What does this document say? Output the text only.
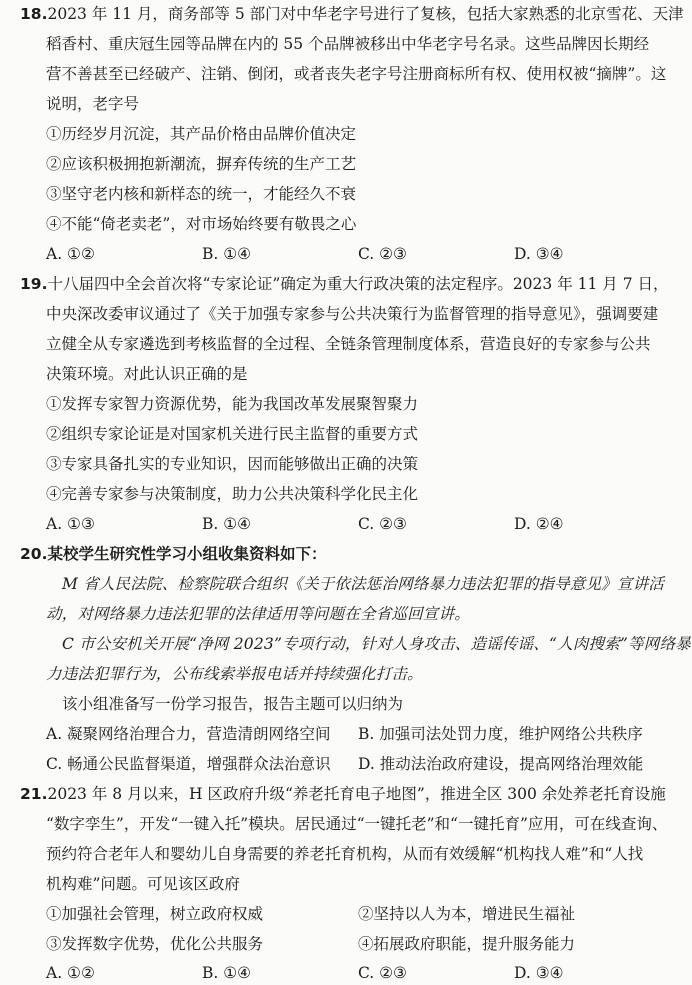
18.2023 年 11 月，商务部等 5 部门对中华老字号进行了复核，包括大家熟悉的北京雪花、天津
稻香村、重庆冠生园等品牌在内的 55 个品牌被移出中华老字号名录。这些品牌因长期经
营不善甚至已经破产、注销、倒闭，或者丧失老字号注册商标所有权、使用权被“摘牌”。这
说明，老字号
①历经岁月沉淀，其产品价格由品牌价值决定
②应该积极拥抱新潮流，摒弃传统的生产工艺
③坚守老内核和新样态的统一，才能经久不衰
④不能“倚老卖老”，对市场始终要有敬畏之心
A. ①②	B. ①④	C. ②③	D. ③④
19.十八届四中全会首次将“专家论证”确定为重大行政决策的法定程序。2023 年 11 月 7 日，
中央深改委审议通过了《关于加强专家参与公共决策行为监督管理的指导意见》，强调要建
立健全从专家遴选到考核监督的全过程、全链条管理制度体系，营造良好的专家参与公共
决策环境。对此认识正确的是
①发挥专家智力资源优势，能为我国改革发展聚智聚力
②组织专家论证是对国家机关进行民主监督的重要方式
③专家具备扎实的专业知识，因而能够做出正确的决策
④完善专家参与决策制度，助力公共决策科学化民主化
A. ①③	B. ①④	C. ②③	D. ②④
20.某校学生研究性学习小组收集资料如下：
M 省人民法院、检察院联合组织《关于依法惩治网络暴力违法犯罪的指导意见》宣讲活
动，对网络暴力违法犯罪的法律适用等问题在全省巡回宣讲。
C 市公安机关开展“净网 2023”专项行动，针对人身攻击、造谣传谣、“人肉搜索”等网络暴
力违法犯罪行为，公布线索举报电话并持续强化打击。
该小组准备写一份学习报告，报告主题可以归纳为
A. 凝聚网络治理合力，营造清朗网络空间 B. 加强司法处罚力度，维护网络公共秩序
C. 畅通公民监督渠道，增强群众法治意识 D. 推动法治政府建设，提高网络治理效能
21.2023 年 8 月以来，H 区政府升级“养老托育电子地图”，推进全区 300 余处养老托育设施
“数字孪生”，开发“一键入托”模块。居民通过“一键托老”和“一键托育”应用，可在线查询、
预约符合老年人和婴幼儿自身需要的养老托育机构，从而有效缓解“机构找人难”和“人找
机构难”问题。可见该区政府
①加强社会管理，树立政府权威	②坚持以人为本，增进民生福祉
③发挥数字优势，优化公共服务	④拓展政府职能，提升服务能力
A. ①②	B. ①④	C. ②③	D. ③④
